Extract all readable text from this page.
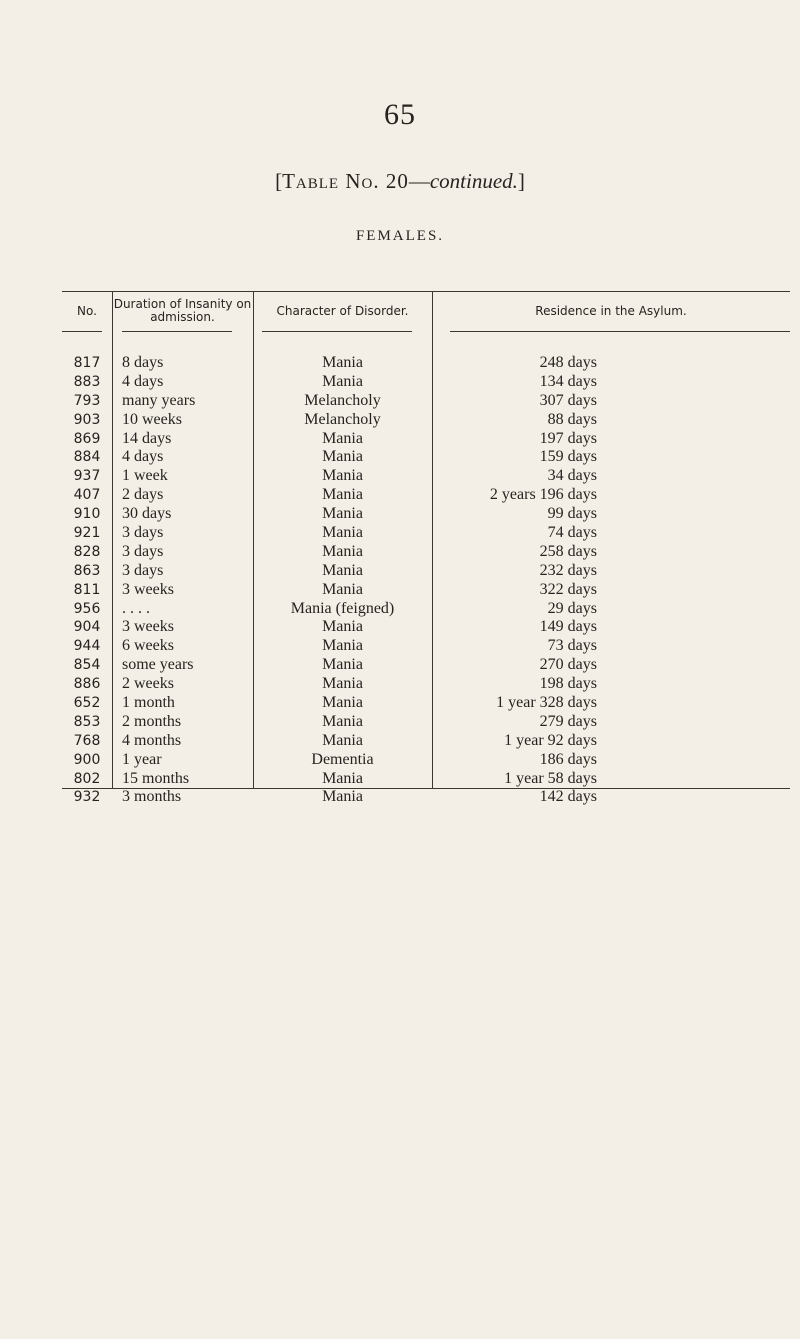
65
[Table No. 20—continued.]
FEMALES.
No.	Duration of Insanity on admission.	Character of Disorder.	Residence in the Asylum.
817	8 days	Mania	248 days
883	4 days	Mania	134 days
793	many years	Melancholy	307 days
903	10 weeks	Melancholy	88 days
869	14 days	Mania	197 days
884	4 days	Mania	159 days
937	1 week	Mania	34 days
407	2 days	Mania	2 years 196 days
910	30 days	Mania	99 days
921	3 days	Mania	74 days
828	3 days	Mania	258 days
863	3 days	Mania	232 days
811	3 weeks	Mania	322 days
956	. . . .	Mania (feigned)	29 days
904	3 weeks	Mania	149 days
944	6 weeks	Mania	73 days
854	some years	Mania	270 days
886	2 weeks	Mania	198 days
652	1 month	Mania	1 year 328 days
853	2 months	Mania	279 days
768	4 months	Mania	1 year 92 days
900	1 year	Dementia	186 days
802	15 months	Mania	1 year 58 days
932	3 months	Mania	142 days
